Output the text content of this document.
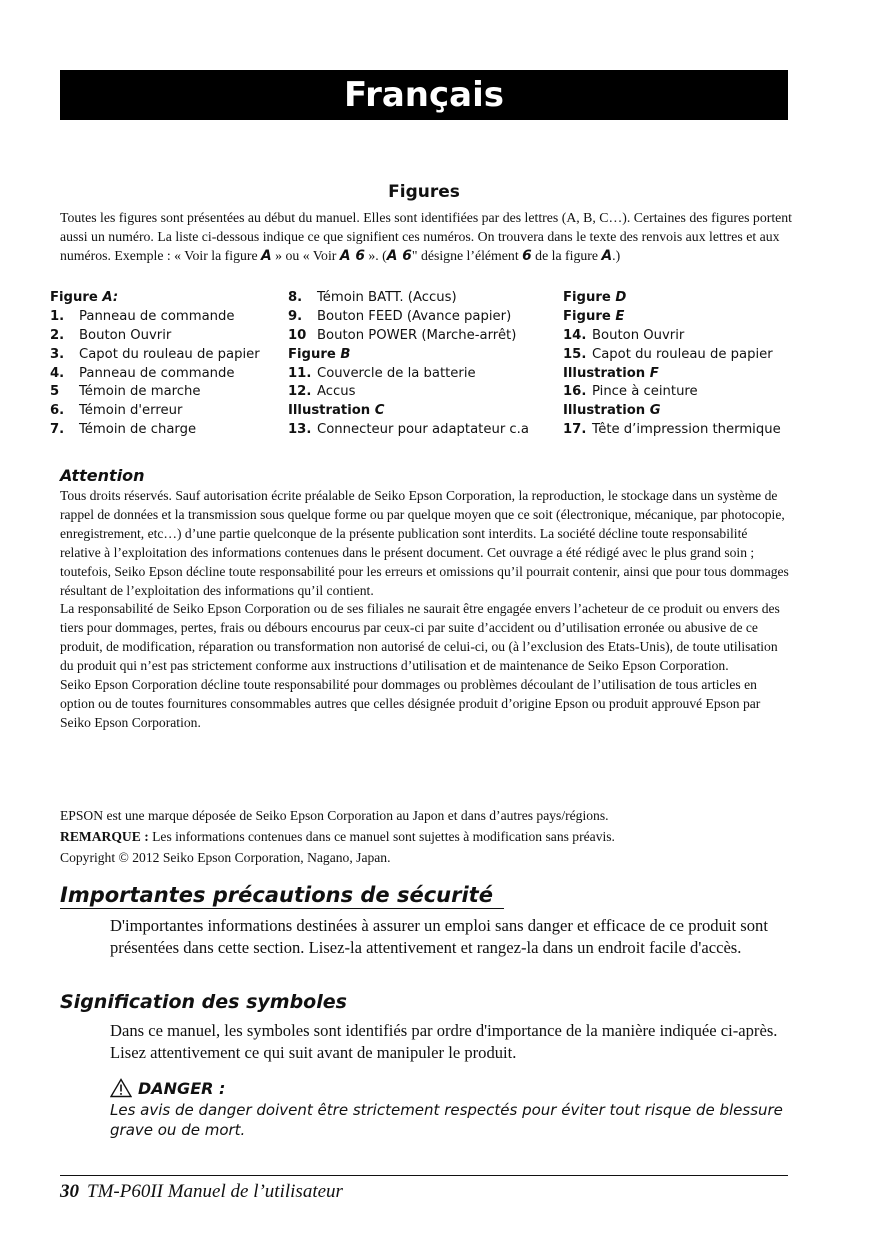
Français
Figures
Toutes les figures sont présentées au début du manuel. Elles sont identifiées par des lettres (A, B, C…). Certaines des figures portent aussi un numéro. La liste ci-dessous indique ce que signifient ces numéros. On trouvera dans le texte des renvois aux lettres et aux numéros. Exemple : « Voir la figure A » ou « Voir A 6 ». (A 6" désigne l’élément 6 de la figure A.)
Figure A:
1. Panneau de commande
2. Bouton Ouvrir
3. Capot du rouleau de papier
4. Panneau de commande
5 Témoin de marche
6. Témoin d'erreur
7. Témoin de charge
8. Témoin BATT. (Accus)
9. Bouton FEED (Avance papier)
10 Bouton POWER (Marche-arrêt)
Figure B
11. Couvercle de la batterie
12. Accus
Illustration C
13. Connecteur pour adaptateur c.a
Figure D
Figure E
14. Bouton Ouvrir
15. Capot du rouleau de papier
Illustration F
16. Pince à ceinture
Illustration G
17. Tête d’impression thermique
Attention

Tous droits réservés. Sauf autorisation écrite préalable de Seiko Epson Corporation, la reproduction, le stockage dans un système de rappel de données et la transmission sous quelque forme ou par quelque moyen que ce soit (électronique, mécanique, par photocopie, enregistrement, etc…) d’une partie quelconque de la présente publication sont interdits. La société décline toute responsabilité relative à l’exploitation des informations contenues dans le présent document. Cet ouvrage a été rédigé avec le plus grand soin ; toutefois, Seiko Epson décline toute responsabilité pour les erreurs et omissions qu’il pourrait contenir, ainsi que pour tous dommages résultant de l’exploitation des informations qu’il contient.

La responsabilité de Seiko Epson Corporation ou de ses filiales ne saurait être engagée envers l’acheteur de ce produit ou envers des tiers pour dommages, pertes, frais ou débours encourus par ceux-ci par suite d’accident ou d’utilisation erronée ou abusive de ce produit, de modification, réparation ou transformation non autorisé de celui-ci, ou (à l’exclusion des Etats-Unis), de toute utilisation du produit qui n’est pas strictement conforme aux instructions d’utilisation et de maintenance de Seiko Epson Corporation.

Seiko Epson Corporation décline toute responsabilité pour dommages ou problèmes découlant de l’utilisation de tous articles en option ou de toutes fournitures consommables autres que celles désignée produit d’origine Epson ou produit approuvé Epson par Seiko Epson Corporation.

EPSON est une marque déposée de Seiko Epson Corporation au Japon et dans d’autres pays/régions.

REMARQUE : Les informations contenues dans ce manuel sont sujettes à modification sans préavis.

Copyright © 2012 Seiko Epson Corporation, Nagano, Japan.

Importantes précautions de sécurité
D'importantes informations destinées à assurer un emploi sans danger et efficace de ce produit sont présentées dans cette section. Lisez-la attentivement et rangez-la dans un endroit facile d'accès.
Signification des symboles
Dans ce manuel, les symboles sont identifiés par ordre d'importance de la manière indiquée ci-après. Lisez attentivement ce qui suit avant de manipuler le produit.
DANGER :
Les avis de danger doivent être strictement respectés pour éviter tout risque de blessure grave ou de mort.
30 TM-P60II Manuel de l’utilisateur
